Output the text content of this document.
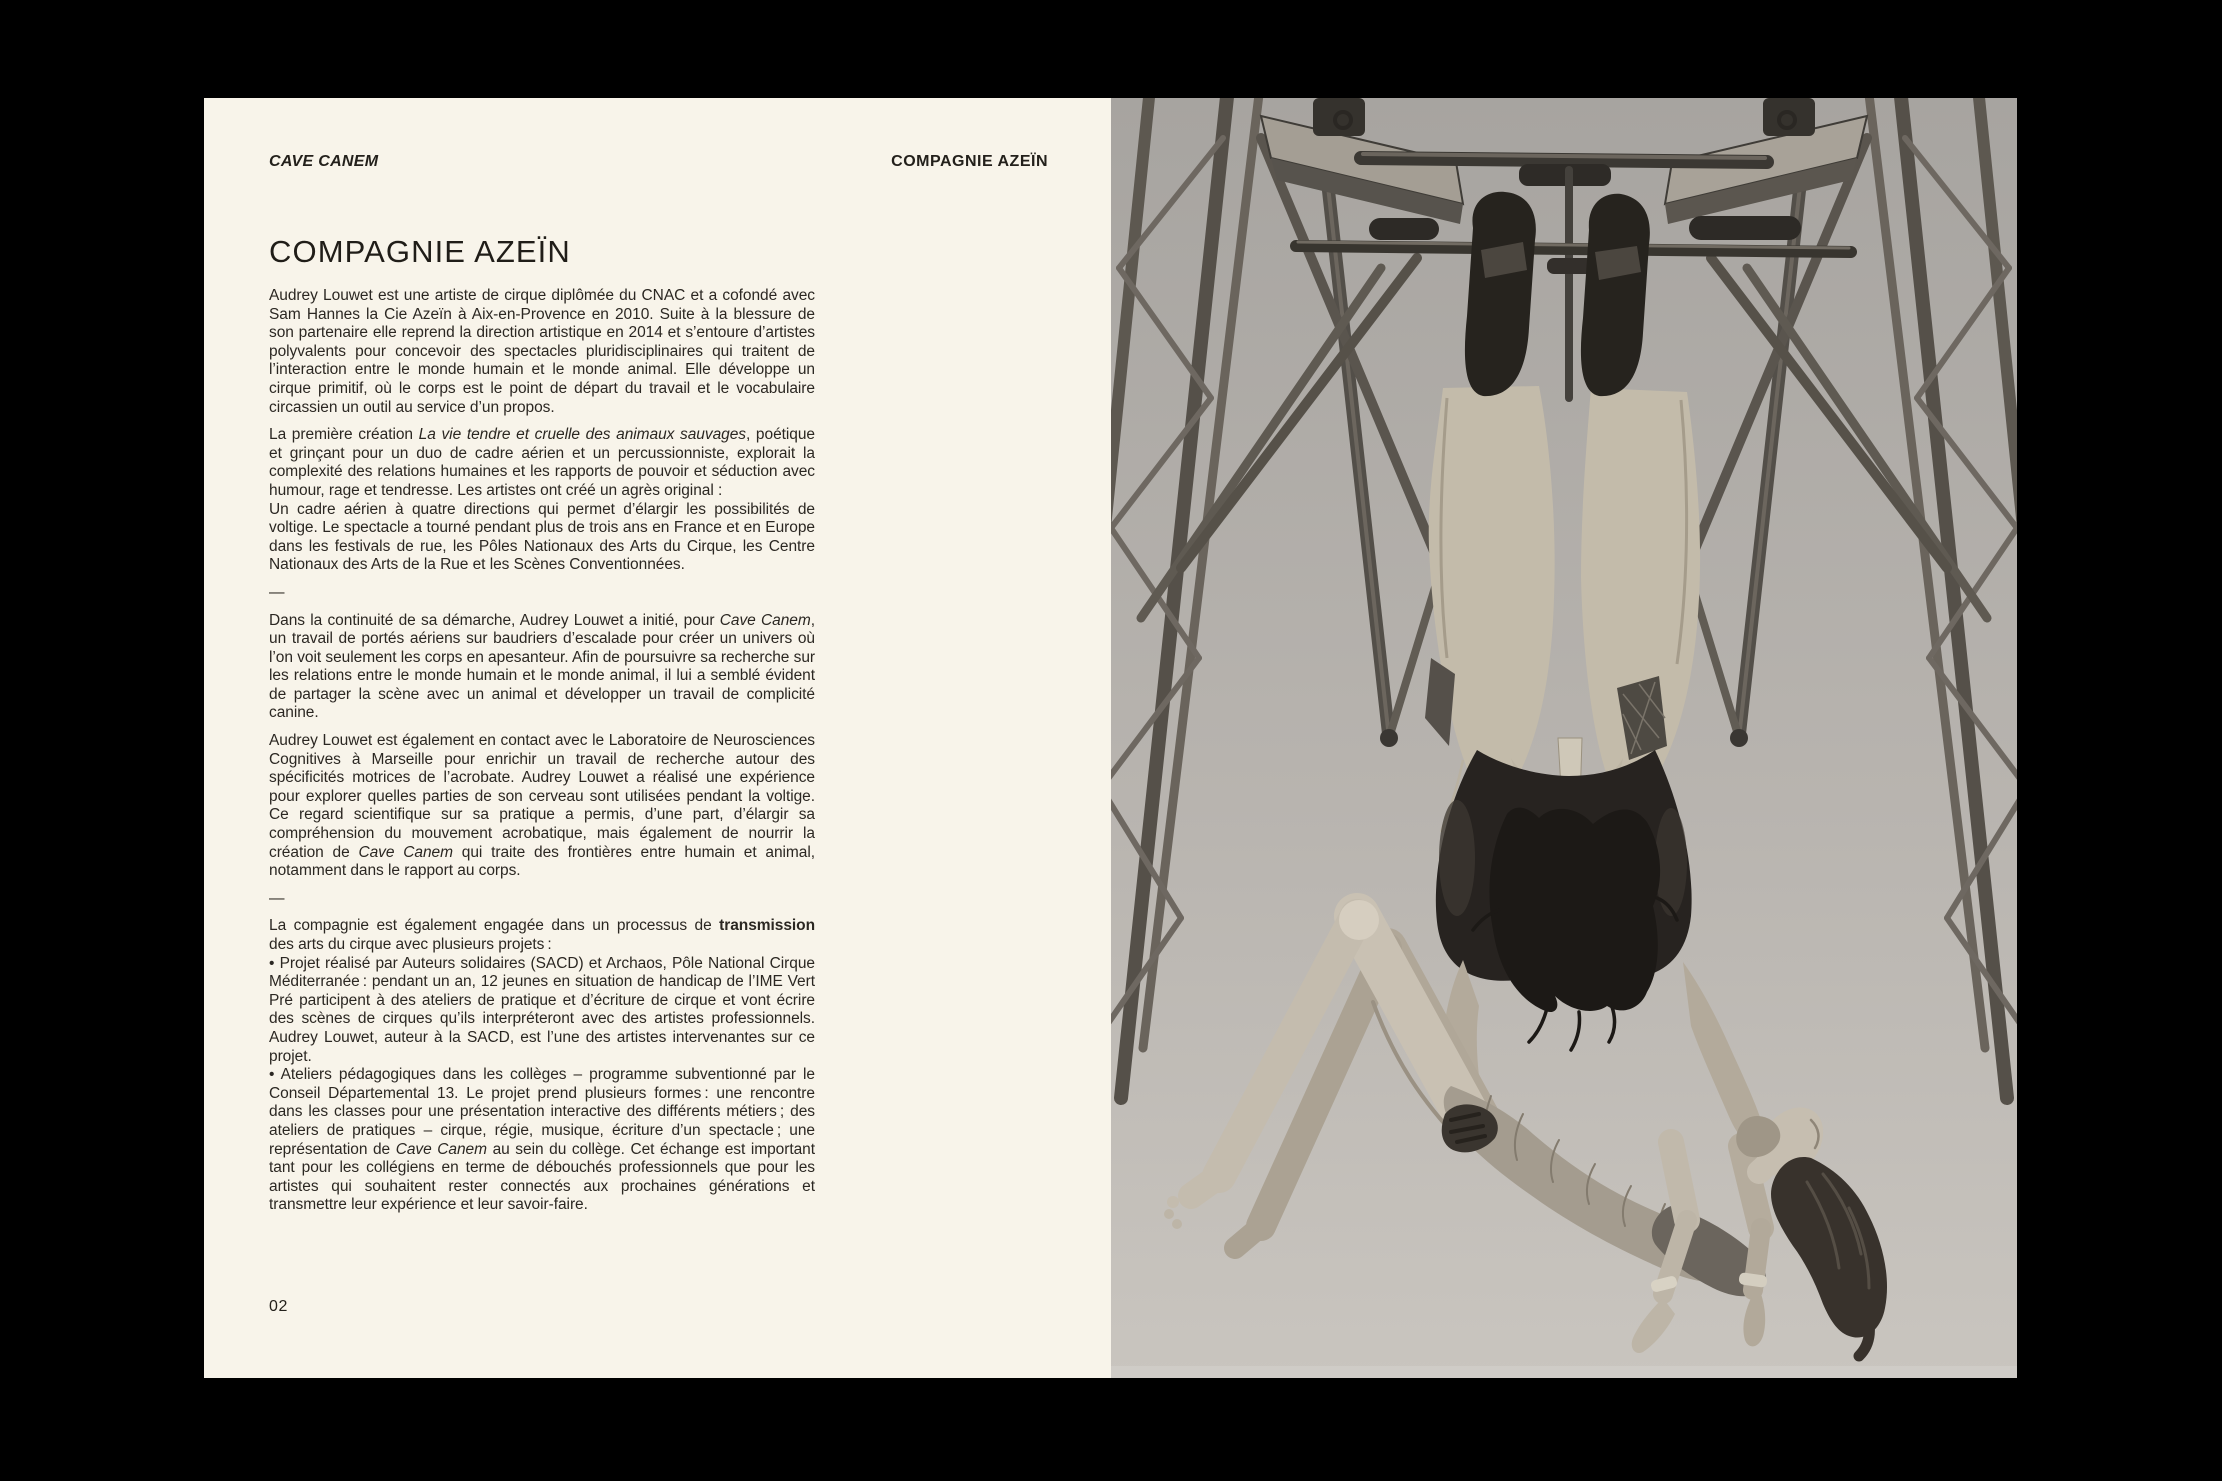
CAVE CANEM	COMPAGNIE AZEÏN
COMPAGNIE AZEÏN
Audrey Louwet est une artiste de cirque diplômée du CNAC et a cofondé avec Sam Hannes la Cie Azeïn à Aix-en-Provence en 2010. Suite à la blessure de son partenaire elle reprend la direction artistique en 2014 et s’entoure d’artistes polyvalents pour concevoir des spectacles pluridisciplinaires qui traitent de l’interaction entre le monde humain et le monde animal. Elle développe un cirque primitif, où le corps est le point de départ du travail et le vocabulaire circassien un outil au service d’un propos.
La première création La vie tendre et cruelle des animaux sauvages, poétique et grinçant pour un duo de cadre aérien et un percussionniste, explorait la complexité des relations humaines et les rapports de pouvoir et séduction avec humour, rage et tendresse. Les artistes ont créé un agrès original :
Un cadre aérien à quatre directions qui permet d’élargir les possibilités de voltige. Le spectacle a tourné pendant plus de trois ans en France et en Europe dans les festivals de rue, les Pôles Nationaux des Arts du Cirque, les Centre Nationaux des Arts de la Rue et les Scènes Conventionnées.
—
Dans la continuité de sa démarche, Audrey Louwet a initié, pour Cave Canem, un travail de portés aériens sur baudriers d’escalade pour créer un univers où l’on voit seulement les corps en apesanteur. Afin de poursuivre sa recherche sur les relations entre le monde humain et le monde animal, il lui a semblé évident de partager la scène avec un animal et développer un travail de complicité canine.
Audrey Louwet est également en contact avec le Laboratoire de Neurosciences Cognitives à Marseille pour enrichir un travail de recherche autour des spécificités motrices de l’acrobate. Audrey Louwet a réalisé une expérience pour explorer quelles parties de son cerveau sont utilisées pendant la voltige. Ce regard scientifique sur sa pratique a permis, d’une part, d’élargir sa compréhension du mouvement acrobatique, mais également de nourrir la création de Cave Canem qui traite des frontières entre humain et animal, notamment dans le rapport au corps.
—
La compagnie est également engagée dans un processus de transmission des arts du cirque avec plusieurs projets :
• Projet réalisé par Auteurs solidaires (SACD) et Archaos, Pôle National Cirque Méditerranée : pendant un an, 12 jeunes en situation de handicap de l’IME Vert Pré participent à des ateliers de pratique et d’écriture de cirque et vont écrire des scènes de cirques qu’ils interpréteront avec des artistes professionnels. Audrey Louwet, auteur à la SACD, est l’une des artistes intervenantes sur ce projet.
• Ateliers pédagogiques dans les collèges – programme subventionné par le Conseil Départemental 13. Le projet prend plusieurs formes : une rencontre dans les classes pour une présentation interactive des différents métiers ; des ateliers de pratiques – cirque, régie, musique, écriture d’un spectacle ; une représentation de Cave Canem au sein du collège. Cet échange est important tant pour les collégiens en terme de débouchés professionnels que pour les artistes qui souhaitent rester connectés aux prochaines générations et transmettre leur expérience et leur savoir-faire.
02
